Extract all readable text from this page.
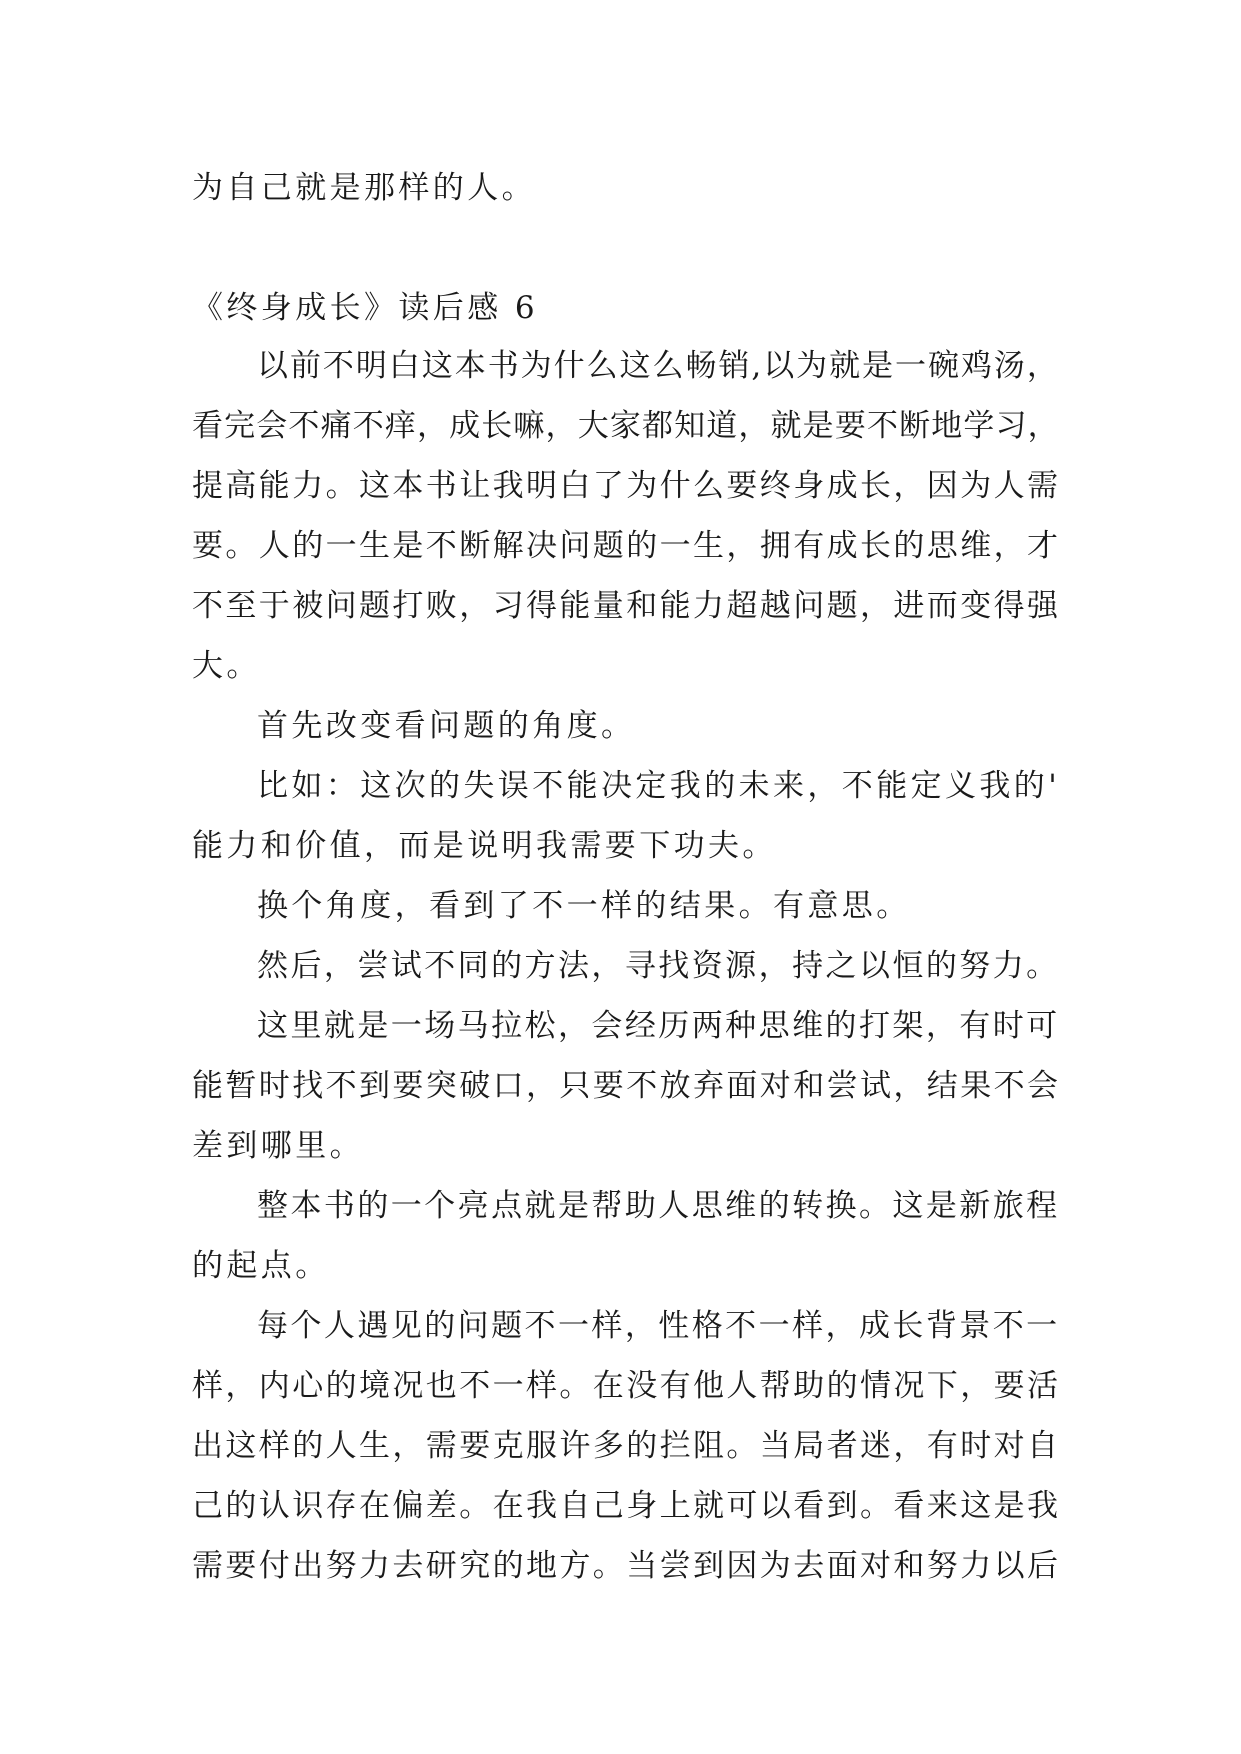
为自己就是那样的人。
《终身成长》读后感 6
以前不明白这本书为什么这么畅销,以为就是一碗鸡汤，
看完会不痛不痒，成长嘛，大家都知道，就是要不断地学习，
提高能力。这本书让我明白了为什么要终身成长，因为人需
要。人的一生是不断解决问题的一生，拥有成长的思维，才
不至于被问题打败，习得能量和能力超越问题，进而变得强
大。
首先改变看问题的角度。
比如：这次的失误不能决定我的未来，不能定义我的'
能力和价值，而是说明我需要下功夫。
换个角度，看到了不一样的结果。有意思。
然后，尝试不同的方法，寻找资源，持之以恒的努力。
这里就是一场马拉松，会经历两种思维的打架，有时可
能暂时找不到要突破口，只要不放弃面对和尝试，结果不会
差到哪里。
整本书的一个亮点就是帮助人思维的转换。这是新旅程
的起点。
每个人遇见的问题不一样，性格不一样，成长背景不一
样，内心的境况也不一样。在没有他人帮助的情况下，要活
出这样的人生，需要克服许多的拦阻。当局者迷，有时对自
己的认识存在偏差。在我自己身上就可以看到。看来这是我
需要付出努力去研究的地方。当尝到因为去面对和努力以后
